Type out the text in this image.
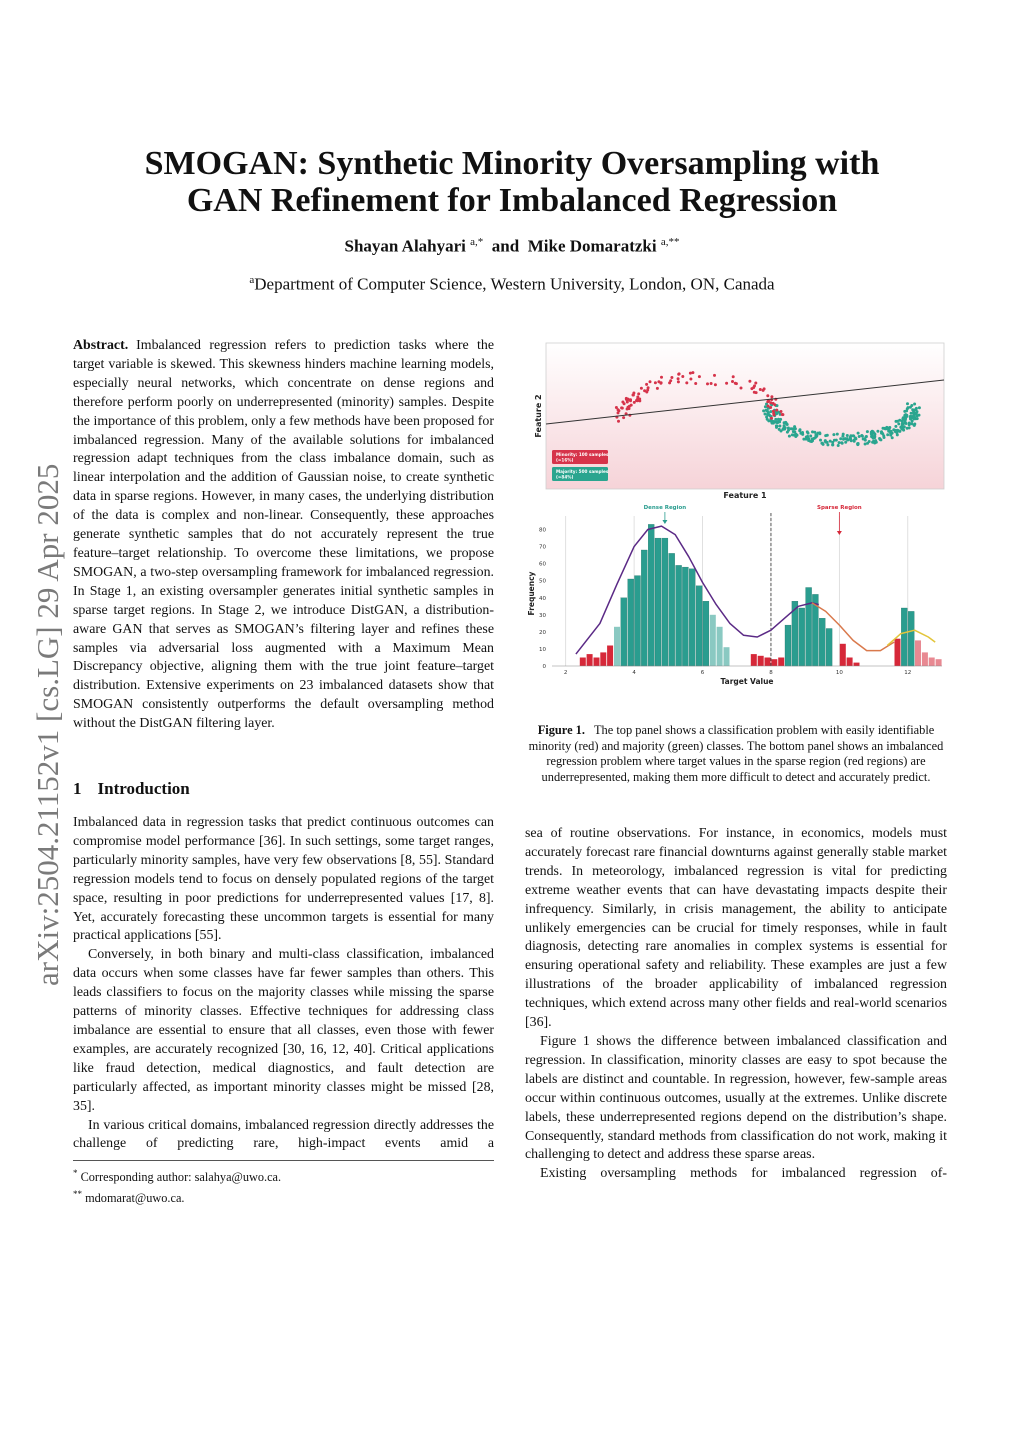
arXiv:2504.21152v1 [cs.LG] 29 Apr 2025
SMOGAN: Synthetic Minority Oversampling with
GAN Refinement for Imbalanced Regression
Shayan Alahyari $^{a,*}$  and  Mike Domaratzki $^{a,**}$
$^a$Department of Computer Science, Western University, London, ON, Canada

Abstract. Imbalanced regression refers to prediction tasks where the target variable is skewed. This skewness hinders machine learning models, especially neural networks, which concentrate on dense regions and therefore perform poorly on underrepresented (minority) samples. Despite the importance of this problem, only a few methods have been proposed for imbalanced regression. Many of the available solutions for imbalanced regression adapt techniques from the class imbalance domain, such as linear interpolation and the addition of Gaussian noise, to create synthetic data in sparse regions. However, in many cases, the underlying distribution of the data is complex and non-linear. Consequently, these approaches generate synthetic samples that do not accurately represent the true feature–target relationship. To overcome these limitations, we propose SMOGAN, a two-step oversampling framework for imbalanced regression. In Stage 1, an existing oversampler generates initial synthetic samples in sparse target regions. In Stage 2, we introduce DistGAN, a distribution-aware GAN that serves as SMOGAN’s filtering layer and refines these samples via adversarial loss augmented with a Maximum Mean Discrepancy objective, aligning them with the true joint feature–target distribution. Extensive experiments on 23 imbalanced datasets show that SMOGAN consistently outperforms the default oversampling method without the DistGAN filtering layer.

1 Introduction

Imbalanced data in regression tasks that predict continuous outcomes can compromise model performance [36]. In such settings, some target ranges, particularly minority samples, have very few observations [8, 55]. Standard regression models tend to focus on densely populated regions of the target space, resulting in poor predictions for underrepresented values [17, 8]. Yet, accurately forecasting these uncommon targets is essential for many practical applications [55].

Conversely, in both binary and multi-class classification, imbalanced data occurs when some classes have far fewer samples than others. This leads classifiers to focus on the majority classes while missing the sparse patterns of minority classes. Effective techniques for addressing class imbalance are essential to ensure that all classes, even those with fewer examples, are accurately recognized [30, 16, 12, 40]. Critical applications like fraud detection, medical diagnostics, and fault detection are particularly affected, as important minority classes might be missed [28, 35].

In various critical domains, imbalanced regression directly addresses the challenge of predicting rare, high-impact events amid a

* Corresponding author: salahya@uwo.ca.

** mdomarat@uwo.ca.

Minority: 100 samples
(≈16%)
Majority: 500 samples
(≈84%)
Feature 2
Feature 1
0
10
20
30
40
50
60
70
80
2	4	6	8	10	12
Dense Region	Sparse Region
Target Value
Frequency

Figure 1. The top panel shows a classification problem with easily identifiable minority (red) and majority (green) classes. The bottom panel shows an imbalanced regression problem where target values in the sparse region (red regions) are underrepresented, making them more difficult to detect and accurately predict.

sea of routine observations. For instance, in economics, models must accurately forecast rare financial downturns against generally stable market trends. In meteorology, imbalanced regression is vital for predicting extreme weather events that can have devastating impacts despite their infrequency. Similarly, in crisis management, the ability to anticipate unlikely emergencies can be crucial for timely responses, while in fault diagnosis, detecting rare anomalies in complex systems is essential for ensuring operational safety and reliability. These examples are just a few illustrations of the broader applicability of imbalanced regression techniques, which extend across many other fields and real-world scenarios [36].

Figure 1 shows the difference between imbalanced classification and regression. In classification, minority classes are easy to spot because the labels are distinct and countable. In regression, however, few-sample areas occur within continuous outcomes, usually at the extremes. Unlike discrete labels, these underrepresented regions depend on the distribution’s shape. Consequently, standard methods from classification do not work, making it challenging to detect and address these sparse areas.

Existing oversampling methods for imbalanced regression of-
